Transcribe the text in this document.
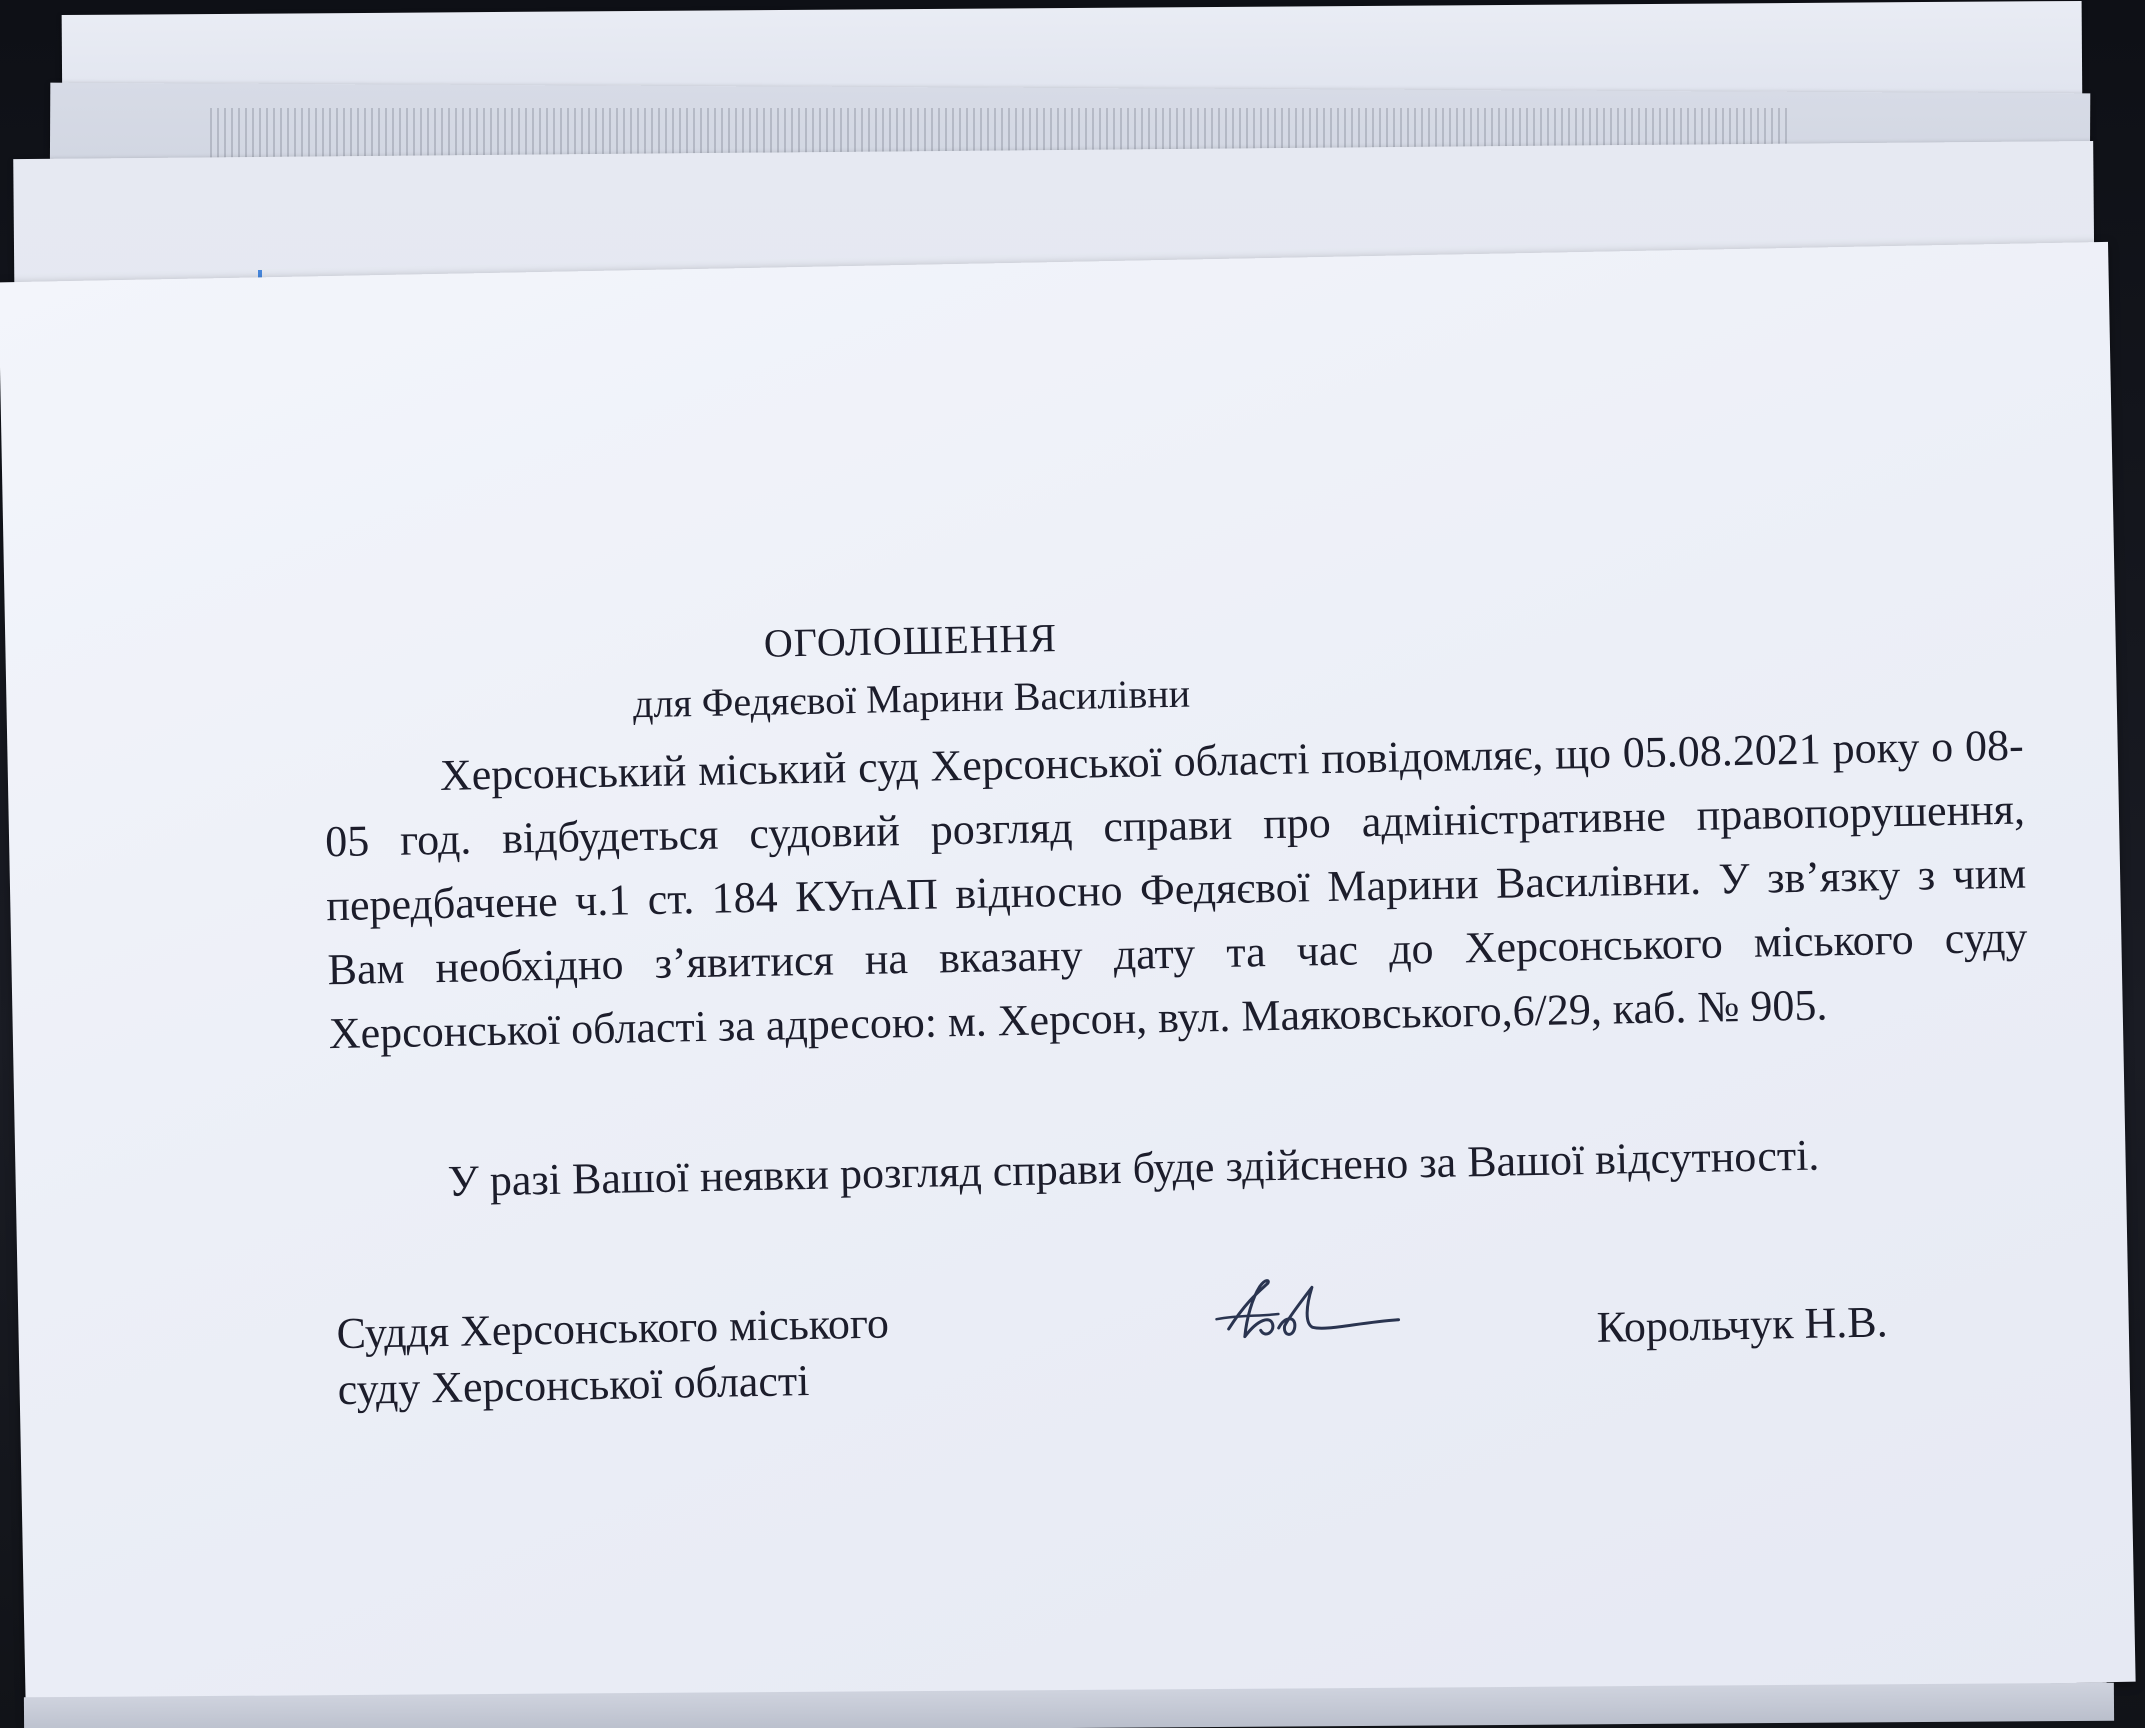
ОГОЛОШЕННЯ
для Федяєвої Марини Василівни
Херсонський міський суд Херсонської області повідомляє, що 05.08.2021 року о 08-05 год. відбудеться судовий розгляд справи про адміністративне правопорушення, передбачене ч.1 ст. 184 КУпАП відносно Федяєвої Марини Василівни. У зв’язку з чим Вам необхідно з’явитися на вказану дату та час до Херсонського міського суду Херсонської області за адресою: м. Херсон, вул. Маяковського,6/29, каб. № 905.
У разі Вашої неявки розгляд справи буде здійснено за Вашої відсутності.
Суддя Херсонського міського
суду Херсонської області
Корольчук Н.В.
